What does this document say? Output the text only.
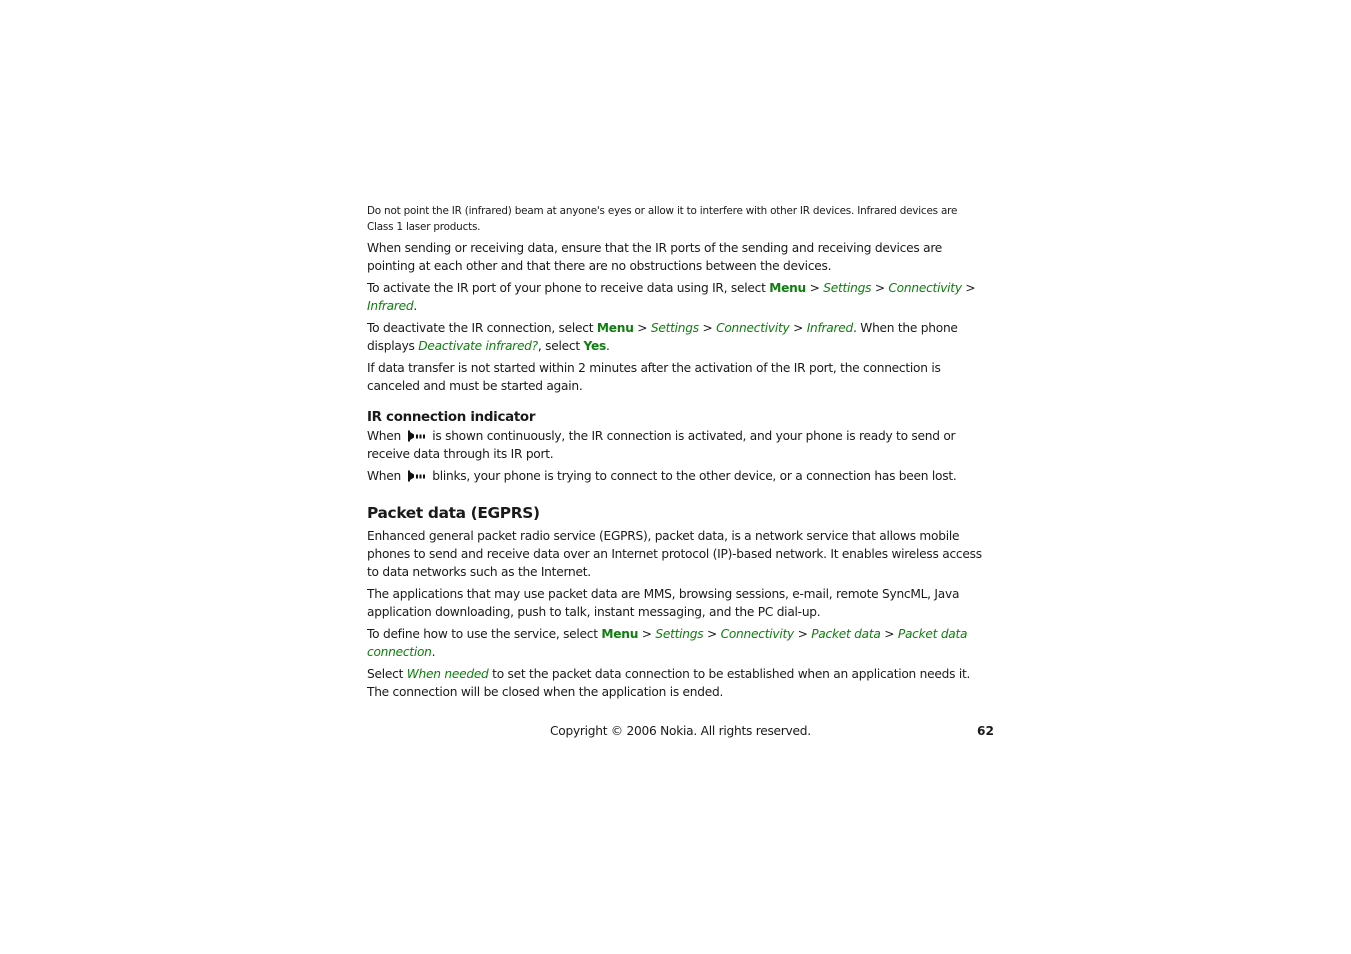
Do not point the IR (infrared) beam at anyone's eyes or allow it to interfere with other IR devices. Infrared devices are Class 1 laser products.

When sending or receiving data, ensure that the IR ports of the sending and receiving devices are pointing at each other and that there are no obstructions between the devices.

To activate the IR port of your phone to receive data using IR, select Menu > Settings > Connectivity > Infrared.

To deactivate the IR connection, select Menu > Settings > Connectivity > Infrared. When the phone displays Deactivate infrared?, select Yes.

If data transfer is not started within 2 minutes after the activation of the IR port, the connection is canceled and must be started again.

IR connection indicator

When  is shown continuously, the IR connection is activated, and your phone is ready to send or receive data through its IR port.

When  blinks, your phone is trying to connect to the other device, or a connection has been lost.

Packet data (EGPRS)

Enhanced general packet radio service (EGPRS), packet data, is a network service that allows mobile phones to send and receive data over an Internet protocol (IP)-based network. It enables wireless access to data networks such as the Internet.

The applications that may use packet data are MMS, browsing sessions, e-mail, remote SyncML, Java application downloading, push to talk, instant messaging, and the PC dial-up.

To define how to use the service, select Menu > Settings > Connectivity > Packet data > Packet data connection.

Select When needed to set the packet data connection to be established when an application needs it. The connection will be closed when the application is ended.

Copyright © 2006 Nokia. All rights reserved.	62
